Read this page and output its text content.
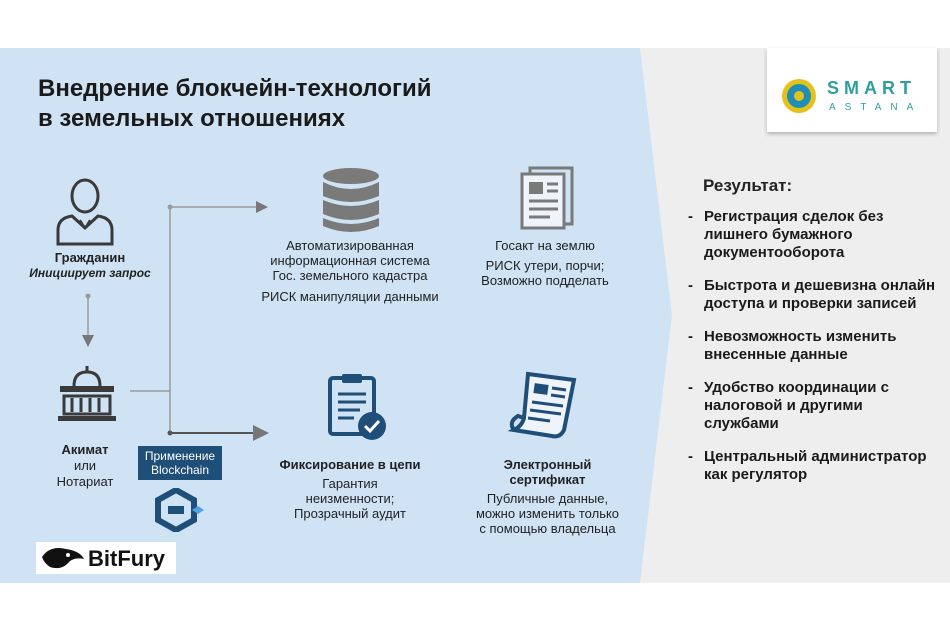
Внедрение блокчейн-технологий
в земельных отношениях
SMART
ASTANA
Гражданин
Инициирует запрос
Акимат
или
Нотариат
Применение
Blockchain
BitFury
Автоматизированная
информационная система
Гос. земельного кадастра
РИСК манипуляции данными
Госакт на землю
РИСК утери, порчи;
Возможно подделать
Фиксирование в цепи
Гарантия
неизменности;
Прозрачный аудит
Электронный
сертификат
Публичные данные,
можно изменить только
с помощью владельца
Результат:
- Регистрация сделок без лишнего бумажного документооборота
- Быстрота и дешевизна онлайн доступа и проверки записей
- Невозможность изменить внесенные данные
- Удобство координации с налоговой и другими службами
- Центральный администратор как регулятор
